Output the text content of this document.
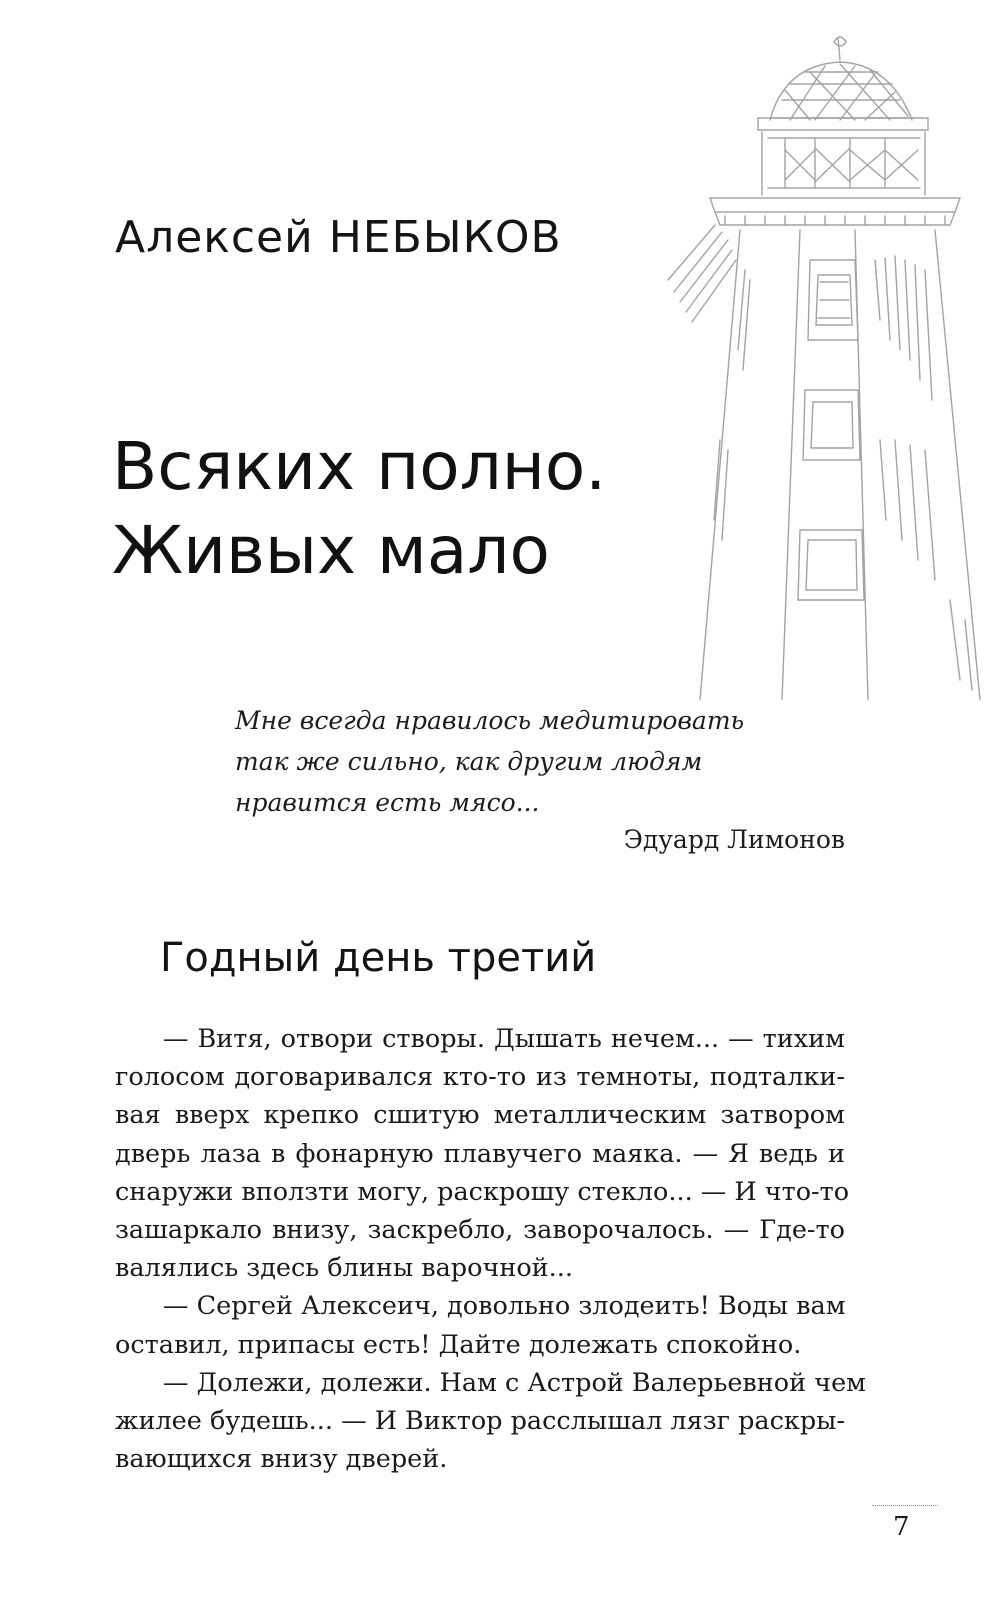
Алексей НЕБЫКОВ
Всяких полно.
Живых мало
Мне всегда нравилось медитировать
так же сильно, как другим людям
нравится есть мясо...
Эдуард Лимонов
Годный день третий
— Витя, отвори створы. Дышать нечем... — тихим
голосом договаривался кто-то из темноты, подталки-
вая вверх крепко сшитую металлическим затвором
дверь лаза в фонарную плавучего маяка. — Я ведь и
снаружи вползти могу, раскрошу стекло... — И что-то
зашаркало внизу, заскребло, заворочалось. — Где-то
валялись здесь блины варочной...
— Сергей Алексеич, довольно злодеить! Воды вам
оставил, припасы есть! Дайте долежать спокойно.
— Долежи, долежи. Нам с Астрой Валерьевной чем
жилее будешь... — И Виктор расслышал лязг раскры-
вающихся внизу дверей.
7
